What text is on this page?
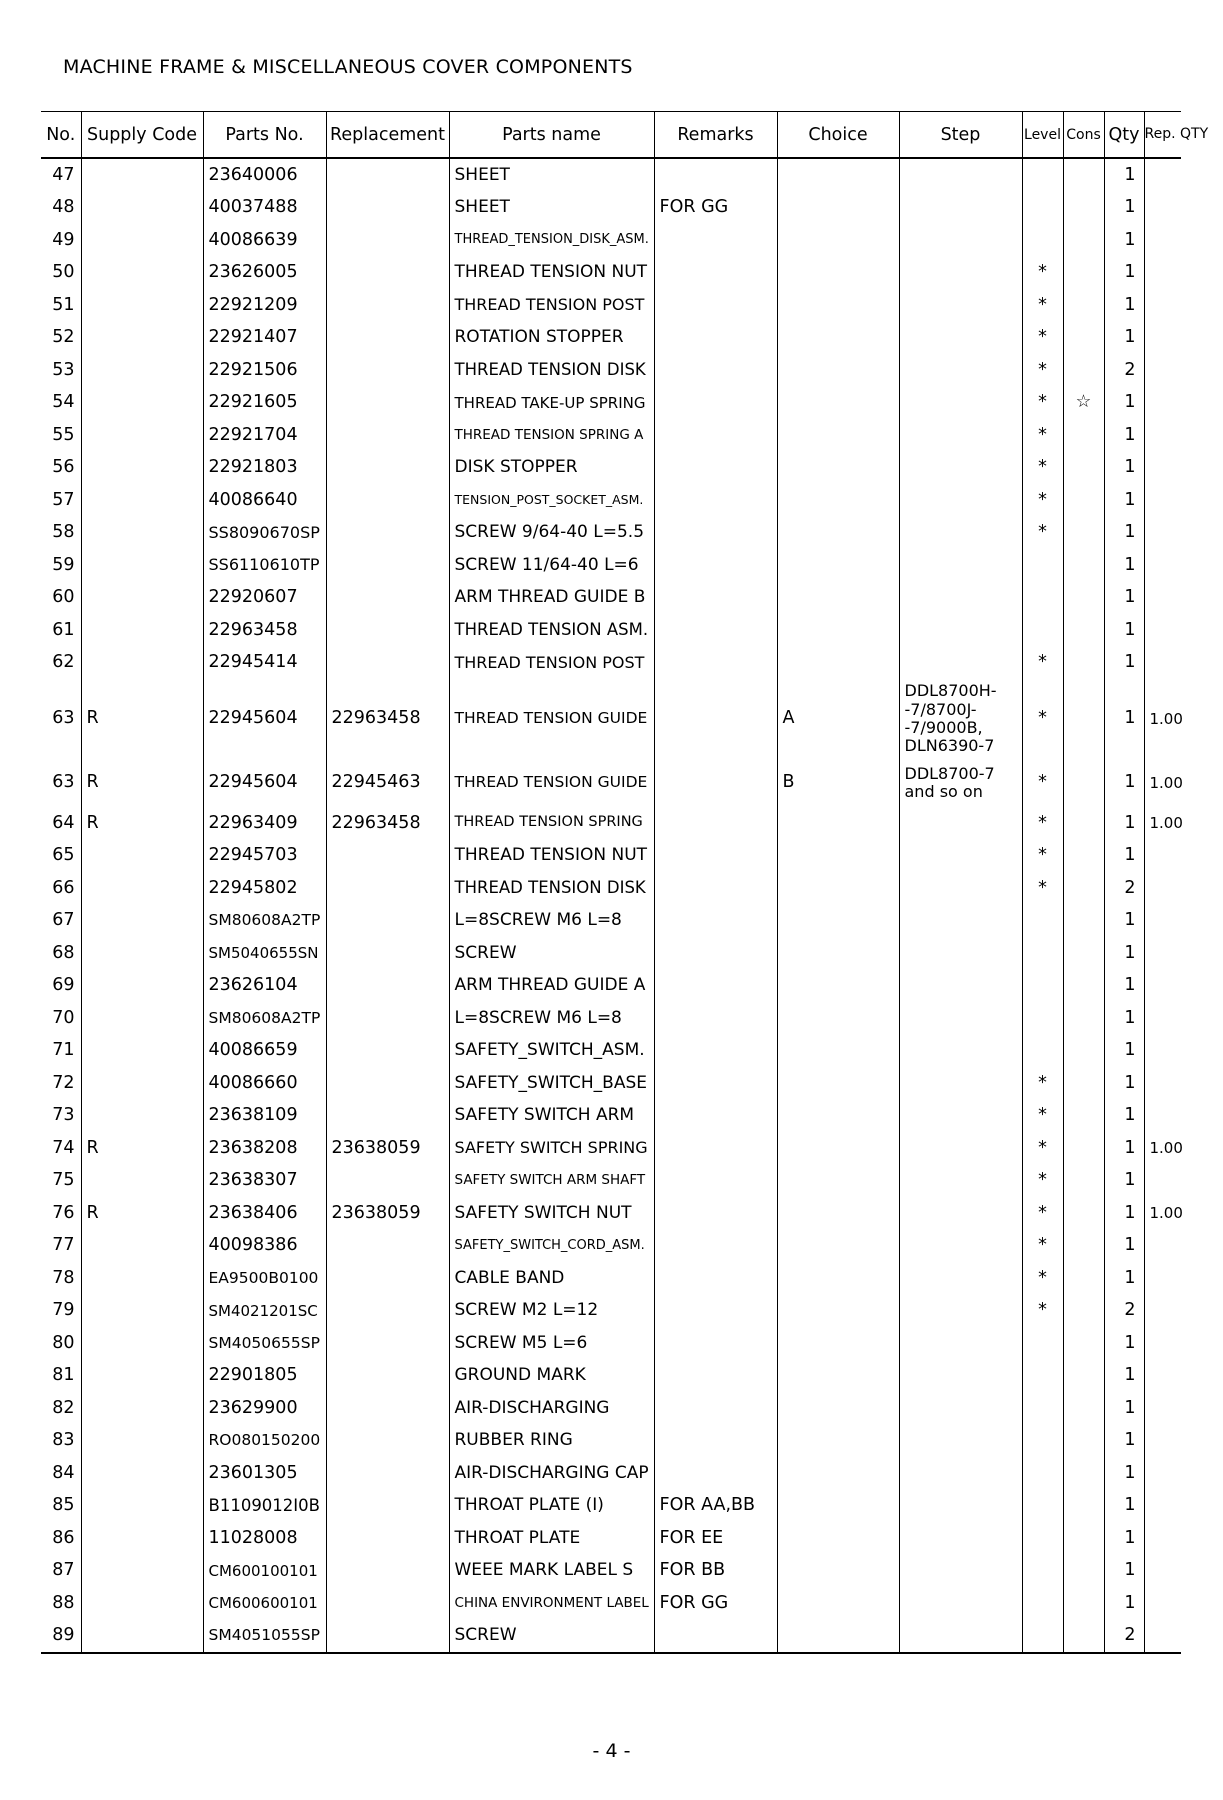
MACHINE FRAME & MISCELLANEOUS COVER COMPONENTS
No.	Supply Code	Parts No.	Replacement	Parts name	Remarks	Choice	Step	Level	Cons	Qty	Rep. QTY
47		23640006		SHEET						1	
48		40037488		SHEET	FOR GG					1	
49		40086639		THREAD_TENSION_DISK_ASM.						1	
50		23626005		THREAD TENSION NUT				*		1	
51		22921209		THREAD TENSION POST				*		1	
52		22921407		ROTATION STOPPER				*		1	
53		22921506		THREAD TENSION DISK				*		2	
54		22921605		THREAD TAKE-UP SPRING				*	☆	1	
55		22921704		THREAD TENSION SPRING A				*		1	
56		22921803		DISK STOPPER				*		1	
57		40086640		TENSION_POST_SOCKET_ASM.				*		1	
58		SS8090670SP		SCREW 9/64-40 L=5.5				*		1	
59		SS6110610TP		SCREW 11/64-40 L=6						1	
60		22920607		ARM THREAD GUIDE B						1	
61		22963458		THREAD TENSION ASM.						1	
62		22945414		THREAD TENSION POST				*		1	
63	R	22945604	22963458	THREAD TENSION GUIDE		A	DDL8700H--7/8700J--7/9000B, DLN6390-7	*		1	1.00
63	R	22945604	22945463	THREAD TENSION GUIDE		B	DDL8700-7 and so on	*		1	1.00
64	R	22963409	22963458	THREAD TENSION SPRING				*		1	1.00
65		22945703		THREAD TENSION NUT				*		1	
66		22945802		THREAD TENSION DISK				*		2	
67		SM80608A2TP		L=8SCREW M6 L=8						1	
68		SM5040655SN		SCREW						1	
69		23626104		ARM THREAD GUIDE A						1	
70		SM80608A2TP		L=8SCREW M6 L=8						1	
71		40086659		SAFETY_SWITCH_ASM.						1	
72		40086660		SAFETY_SWITCH_BASE				*		1	
73		23638109		SAFETY SWITCH ARM				*		1	
74	R	23638208	23638059	SAFETY SWITCH SPRING				*		1	1.00
75		23638307		SAFETY SWITCH ARM SHAFT				*		1	
76	R	23638406	23638059	SAFETY SWITCH NUT				*		1	1.00
77		40098386		SAFETY_SWITCH_CORD_ASM.				*		1	
78		EA9500B0100		CABLE BAND				*		1	
79		SM4021201SC		SCREW M2 L=12				*		2	
80		SM4050655SP		SCREW M5 L=6						1	
81		22901805		GROUND MARK						1	
82		23629900		AIR-DISCHARGING						1	
83		RO080150200		RUBBER RING						1	
84		23601305		AIR-DISCHARGING CAP						1	
85		B1109012I0B		THROAT PLATE (I)	FOR AA,BB					1	
86		11028008		THROAT PLATE	FOR EE					1	
87		CM600100101		WEEE MARK LABEL S	FOR BB					1	
88		CM600600101		CHINA ENVIRONMENT LABEL	FOR GG					1	
89		SM4051055SP		SCREW						2	
- 4 -
